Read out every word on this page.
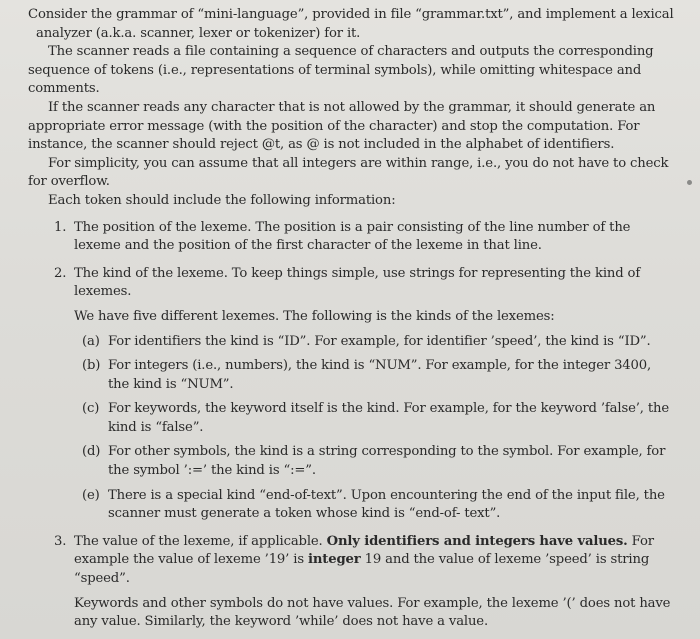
Consider the grammar of “mini-language”, provided in file “grammar.txt”, and implement a lexical analyzer (a.k.a. scanner, lexer or tokenizer) for it.

The scanner reads a file containing a sequence of characters and outputs the corresponding sequence of tokens (i.e., representations of terminal symbols), while omitting whitespace and comments.

If the scanner reads any character that is not allowed by the grammar, it should generate an appropriate error message (with the position of the character) and stop the computation. For instance, the scanner should reject @t, as @ is not included in the alphabet of identifiers.

For simplicity, you can assume that all integers are within range, i.e., you do not have to check for overflow.

Each token should include the following information:

1. The position of the lexeme. The position is a pair consisting of the line number of the lexeme and the position of the first character of the lexeme in that line.

2. The kind of the lexeme. To keep things simple, use strings for representing the kind of lexemes.

We have five different lexemes. The following is the kinds of the lexemes:

(a) For identifiers the kind is “ID”. For example, for identifier ’speed’, the kind is “ID”.
(b) For integers (i.e., numbers), the kind is “NUM”. For example, for the integer 3400, the kind is “NUM”.
(c) For keywords, the keyword itself is the kind. For example, for the keyword ’false’, the kind is “false”.
(d) For other symbols, the kind is a string corresponding to the symbol. For example, for the symbol ’:=’ the kind is “:=”.
(e) There is a special kind “end-of-text”. Upon encountering the end of the input file, the scanner must generate a token whose kind is “end-of- text”.
3. The value of the lexeme, if applicable. Only identifiers and integers have values. For example the value of lexeme ’19’ is integer 19 and the value of lexeme ’speed’ is string “speed”.

Keywords and other symbols do not have values. For example, the lexeme ’(’ does not have any value. Similarly, the keyword ’while’ does not have a value.
